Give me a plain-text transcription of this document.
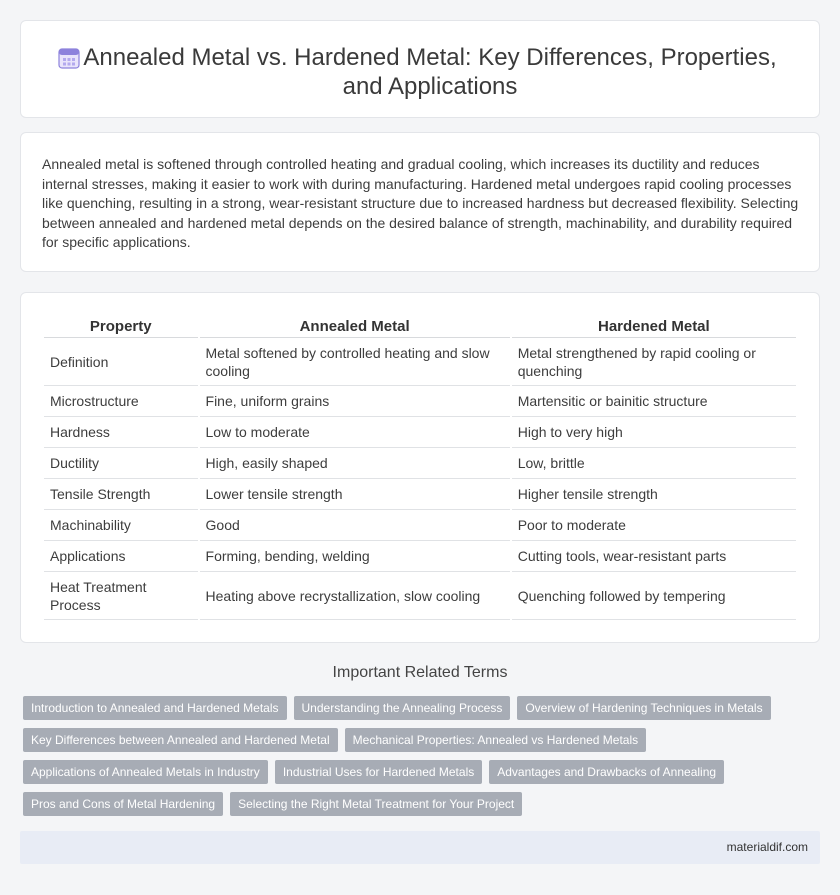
Annealed Metal vs. Hardened Metal: Key Differences, Properties, and Applications

Annealed metal is softened through controlled heating and gradual cooling, which increases its ductility and reduces internal stresses, making it easier to work with during manufacturing. Hardened metal undergoes rapid cooling processes like quenching, resulting in a strong, wear-resistant structure due to increased hardness but decreased flexibility. Selecting between annealed and hardened metal depends on the desired balance of strength, machinability, and durability required for specific applications.

Property	Annealed Metal	Hardened Metal
Definition	Metal softened by controlled heating and slow cooling	Metal strengthened by rapid cooling or quenching
Microstructure	Fine, uniform grains	Martensitic or bainitic structure
Hardness	Low to moderate	High to very high
Ductility	High, easily shaped	Low, brittle
Tensile Strength	Lower tensile strength	Higher tensile strength
Machinability	Good	Poor to moderate
Applications	Forming, bending, welding	Cutting tools, wear-resistant parts
Heat Treatment Process	Heating above recrystallization, slow cooling	Quenching followed by tempering
Important Related Terms
Introduction to Annealed and Hardened Metals	Understanding the Annealing Process	Overview of Hardening Techniques in Metals
Key Differences between Annealed and Hardened Metal	Mechanical Properties: Annealed vs Hardened Metals
Applications of Annealed Metals in Industry	Industrial Uses for Hardened Metals	Advantages and Drawbacks of Annealing
Pros and Cons of Metal Hardening	Selecting the Right Metal Treatment for Your Project
materialdif.com
